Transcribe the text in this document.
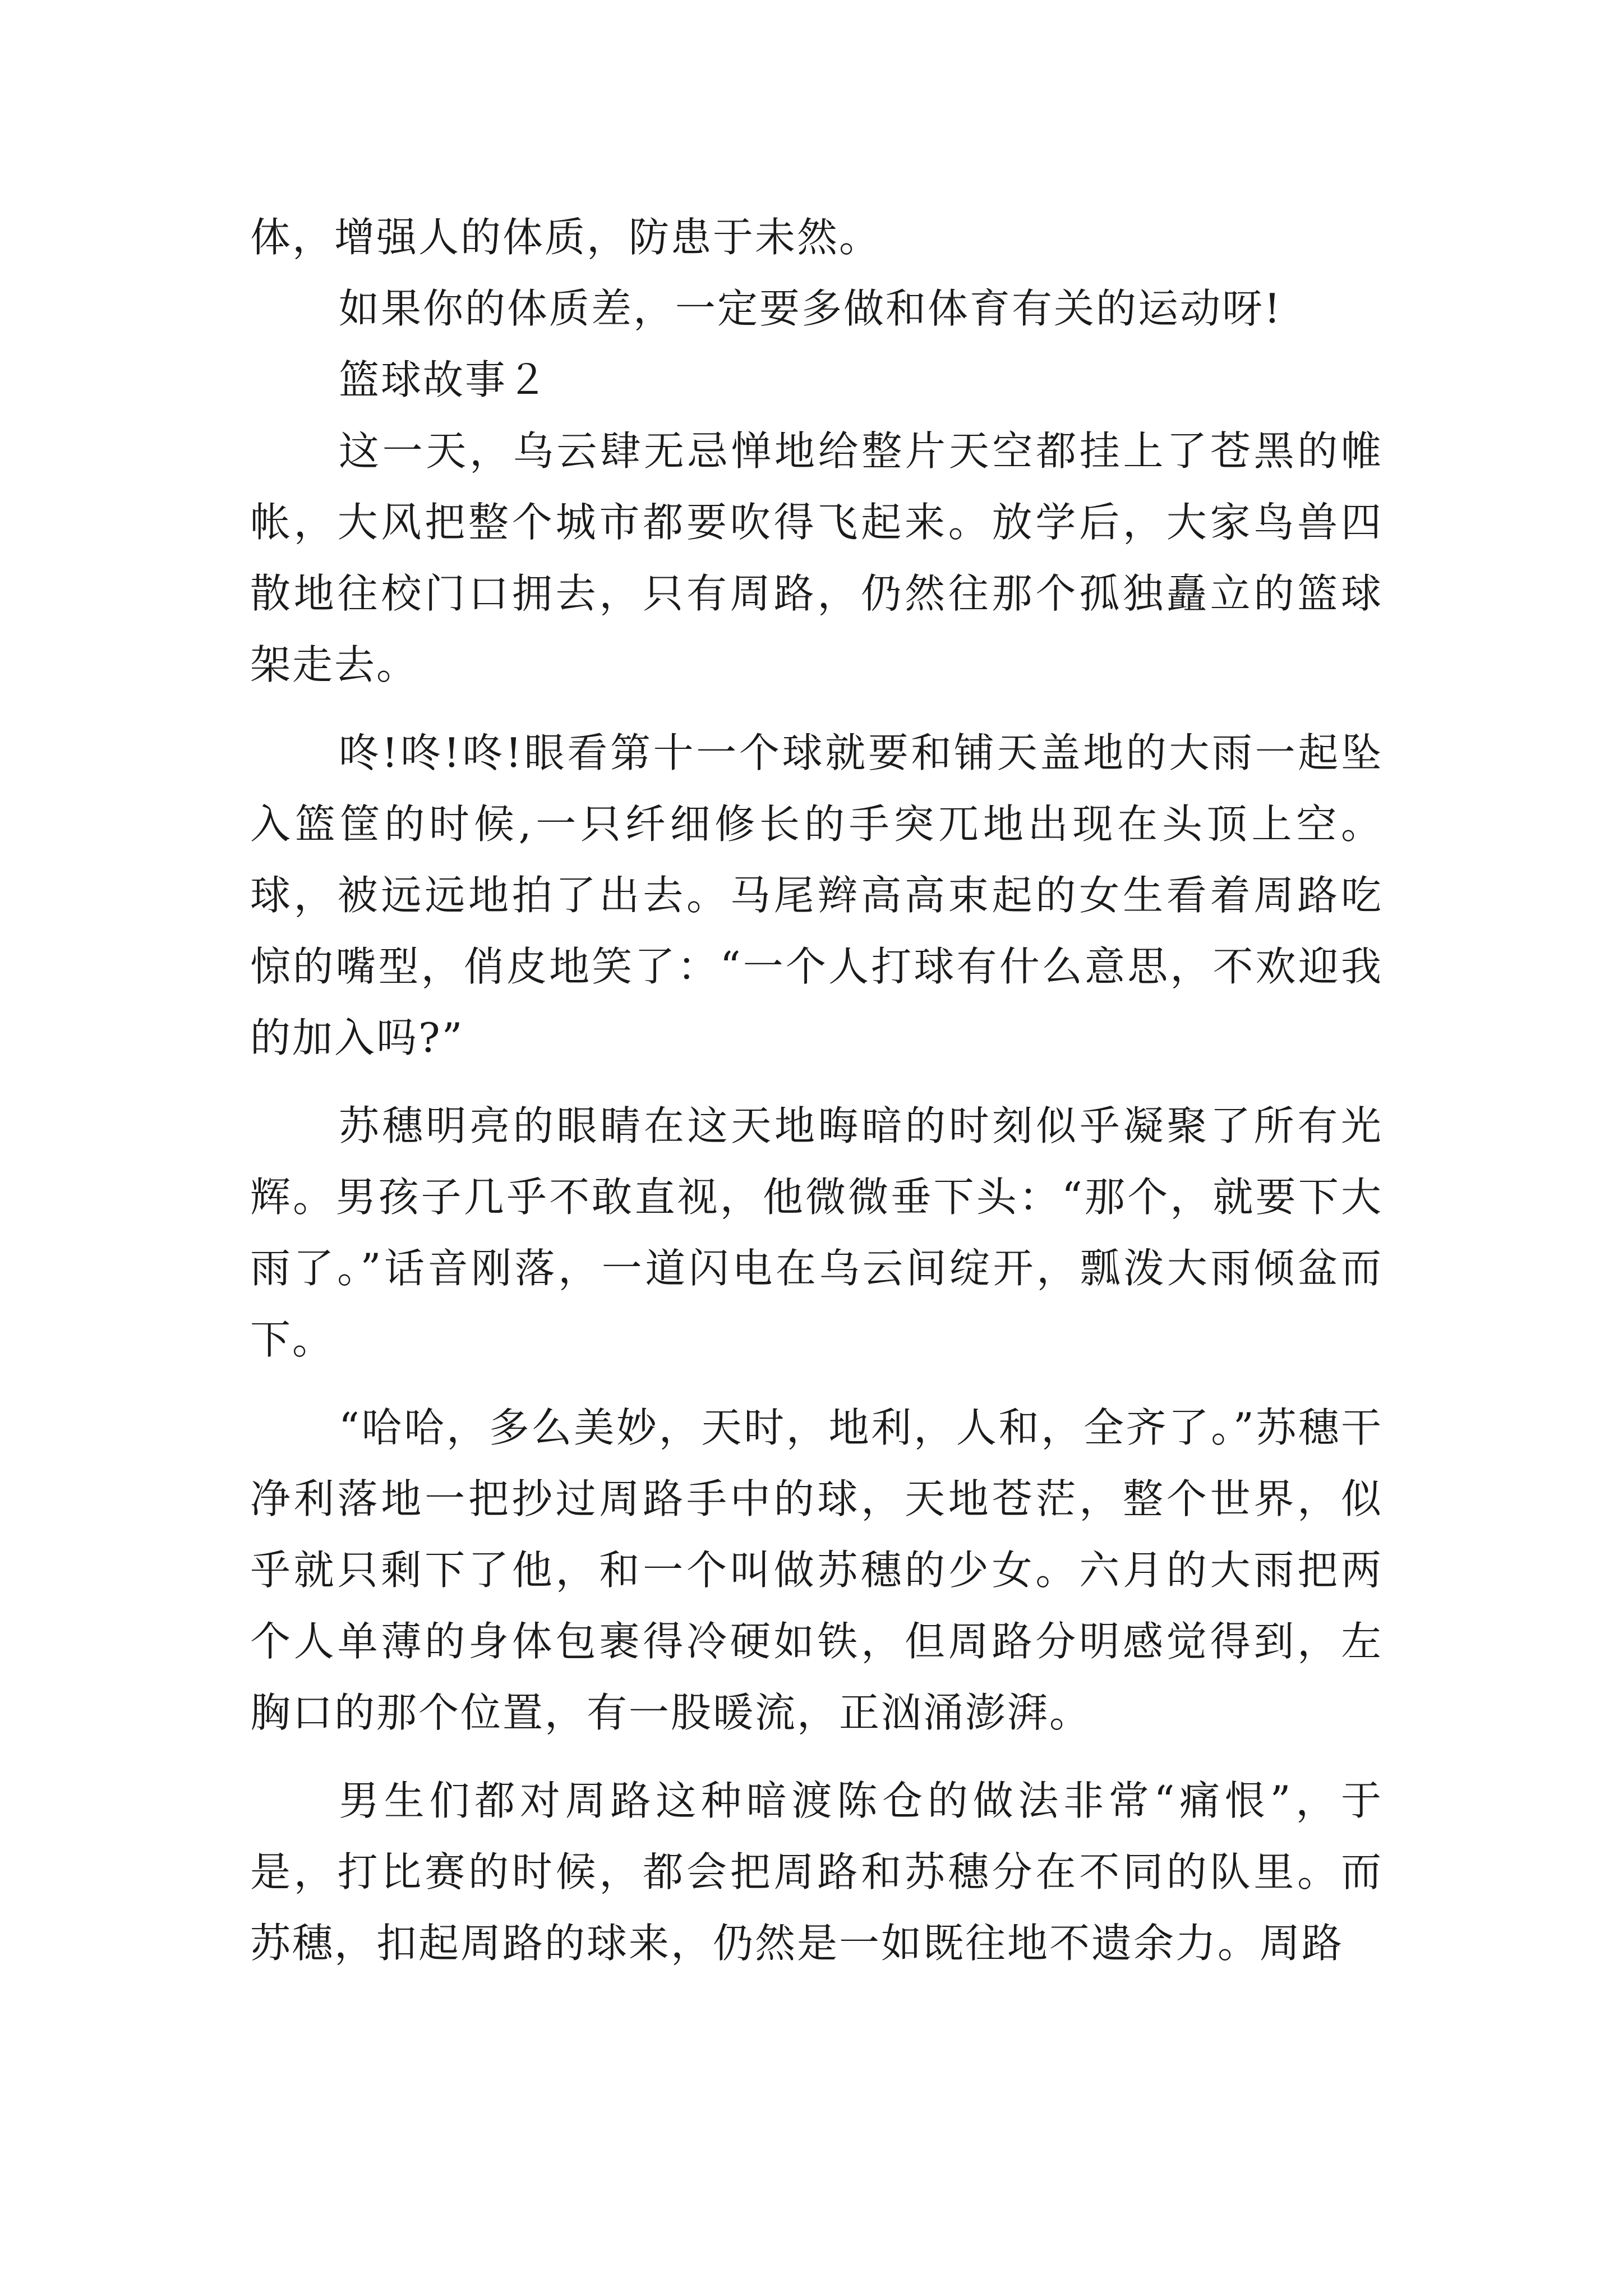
体，增强人的体质，防患于未然。

如果你的体质差，一定要多做和体育有关的运动呀!

篮球故事２

这一天，乌云肆无忌惮地给整片天空都挂上了苍黑的帷帐，大风把整个城市都要吹得飞起来。放学后，大家鸟兽四散地往校门口拥去，只有周路，仍然往那个孤独矗立的篮球架走去。

咚!咚!咚!眼看第十一个球就要和铺天盖地的大雨一起坠入篮筐的时候,一只纤细修长的手突兀地出现在头顶上空。球，被远远地拍了出去。马尾辫高高束起的女生看着周路吃惊的嘴型，俏皮地笑了：“一个人打球有什么意思，不欢迎我的加入吗?”

苏穗明亮的眼睛在这天地晦暗的时刻似乎凝聚了所有光辉。男孩子几乎不敢直视，他微微垂下头：“那个，就要下大雨了。”话音刚落，一道闪电在乌云间绽开，瓢泼大雨倾盆而下。

“哈哈，多么美妙，天时，地利，人和，全齐了。”苏穗干净利落地一把抄过周路手中的球，天地苍茫，整个世界，似乎就只剩下了他，和一个叫做苏穗的少女。六月的大雨把两个人单薄的身体包裹得冷硬如铁，但周路分明感觉得到，左胸口的那个位置，有一股暖流，正汹涌澎湃。

男生们都对周路这种暗渡陈仓的做法非常“痛恨”，于是，打比赛的时候，都会把周路和苏穗分在不同的队里。而苏穗，扣起周路的球来，仍然是一如既往地不遗余力。周路
